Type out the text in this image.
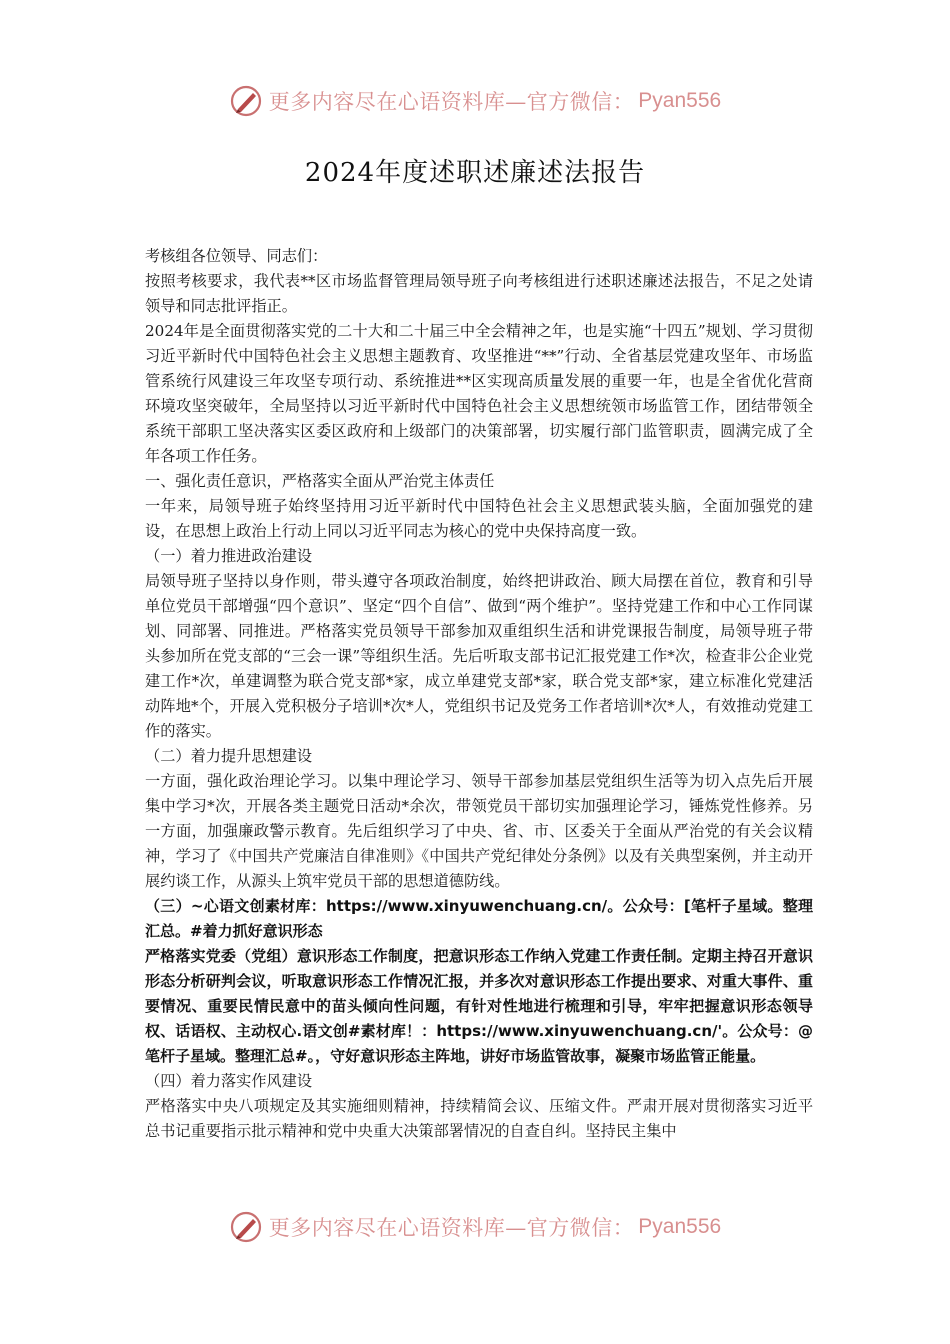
更多内容尽在心语资料库—官方微信： Pyan556
2024年度述职述廉述法报告

考核组各位领导、同志们：

按照考核要求，我代表**区市场监督管理局领导班子向考核组进行述职述廉述法报告，不足之处请领导和同志批评指正。

2024年是全面贯彻落实党的二十大和二十届三中全会精神之年，也是实施“十四五”规划、学习贯彻习近平新时代中国特色社会主义思想主题教育、攻坚推进“**”行动、全省基层党建攻坚年、市场监管系统行风建设三年攻坚专项行动、系统推进**区实现高质量发展的重要一年，也是全省优化营商环境攻坚突破年，全局坚持以习近平新时代中国特色社会主义思想统领市场监管工作，团结带领全系统干部职工坚决落实区委区政府和上级部门的决策部署，切实履行部门监管职责，圆满完成了全年各项工作任务。

一、强化责任意识，严格落实全面从严治党主体责任

一年来，局领导班子始终坚持用习近平新时代中国特色社会主义思想武装头脑，全面加强党的建设，在思想上政治上行动上同以习近平同志为核心的党中央保持高度一致。

（一）着力推进政治建设

局领导班子坚持以身作则，带头遵守各项政治制度，始终把讲政治、顾大局摆在首位，教育和引导单位党员干部增强“四个意识”、坚定“四个自信”、做到“两个维护”。坚持党建工作和中心工作同谋划、同部署、同推进。严格落实党员领导干部参加双重组织生活和讲党课报告制度，局领导班子带头参加所在党支部的“三会一课”等组织生活。先后听取支部书记汇报党建工作*次，检查非公企业党建工作*次，单建调整为联合党支部*家，成立单建党支部*家，联合党支部*家，建立标准化党建活动阵地*个，开展入党积极分子培训*次*人，党组织书记及党务工作者培训*次*人，有效推动党建工作的落实。

（二）着力提升思想建设

一方面，强化政治理论学习。以集中理论学习、领导干部参加基层党组织生活等为切入点先后开展集中学习*次，开展各类主题党日活动*余次，带领党员干部切实加强理论学习，锤炼党性修养。另一方面，加强廉政警示教育。先后组织学习了中央、省、市、区委关于全面从严治党的有关会议精神，学习了《中国共产党廉洁自律准则》《中国共产党纪律处分条例》以及有关典型案例，并主动开展约谈工作，从源头上筑牢党员干部的思想道德防线。

（三）~心语文创素材库：https://www.xinyuwenchuang.cn/。公众号：[笔杆子星域。整理汇总。#着力抓好意识形态

严格落实党委（党组）意识形态工作制度，把意识形态工作纳入党建工作责任制。定期主持召开意识形态分析研判会议，听取意识形态工作情况汇报，并多次对意识形态工作提出要求、对重大事件、重要情况、重要民情民意中的苗头倾向性问题，有针对性地进行梳理和引导，牢牢把握意识形态领导权、话语权、主动权心.语文创#素材库！：https://www.xinyuwenchuang.cn/'。公众号：@笔杆子星域。整理汇总#。，守好意识形态主阵地，讲好市场监管故事，凝聚市场监管正能量。

（四）着力落实作风建设

严格落实中央八项规定及其实施细则精神，持续精简会议、压缩文件。严肃开展对贯彻落实习近平总书记重要指示批示精神和党中央重大决策部署情况的自查自纠。坚持民主集中

更多内容尽在心语资料库—官方微信： Pyan556
